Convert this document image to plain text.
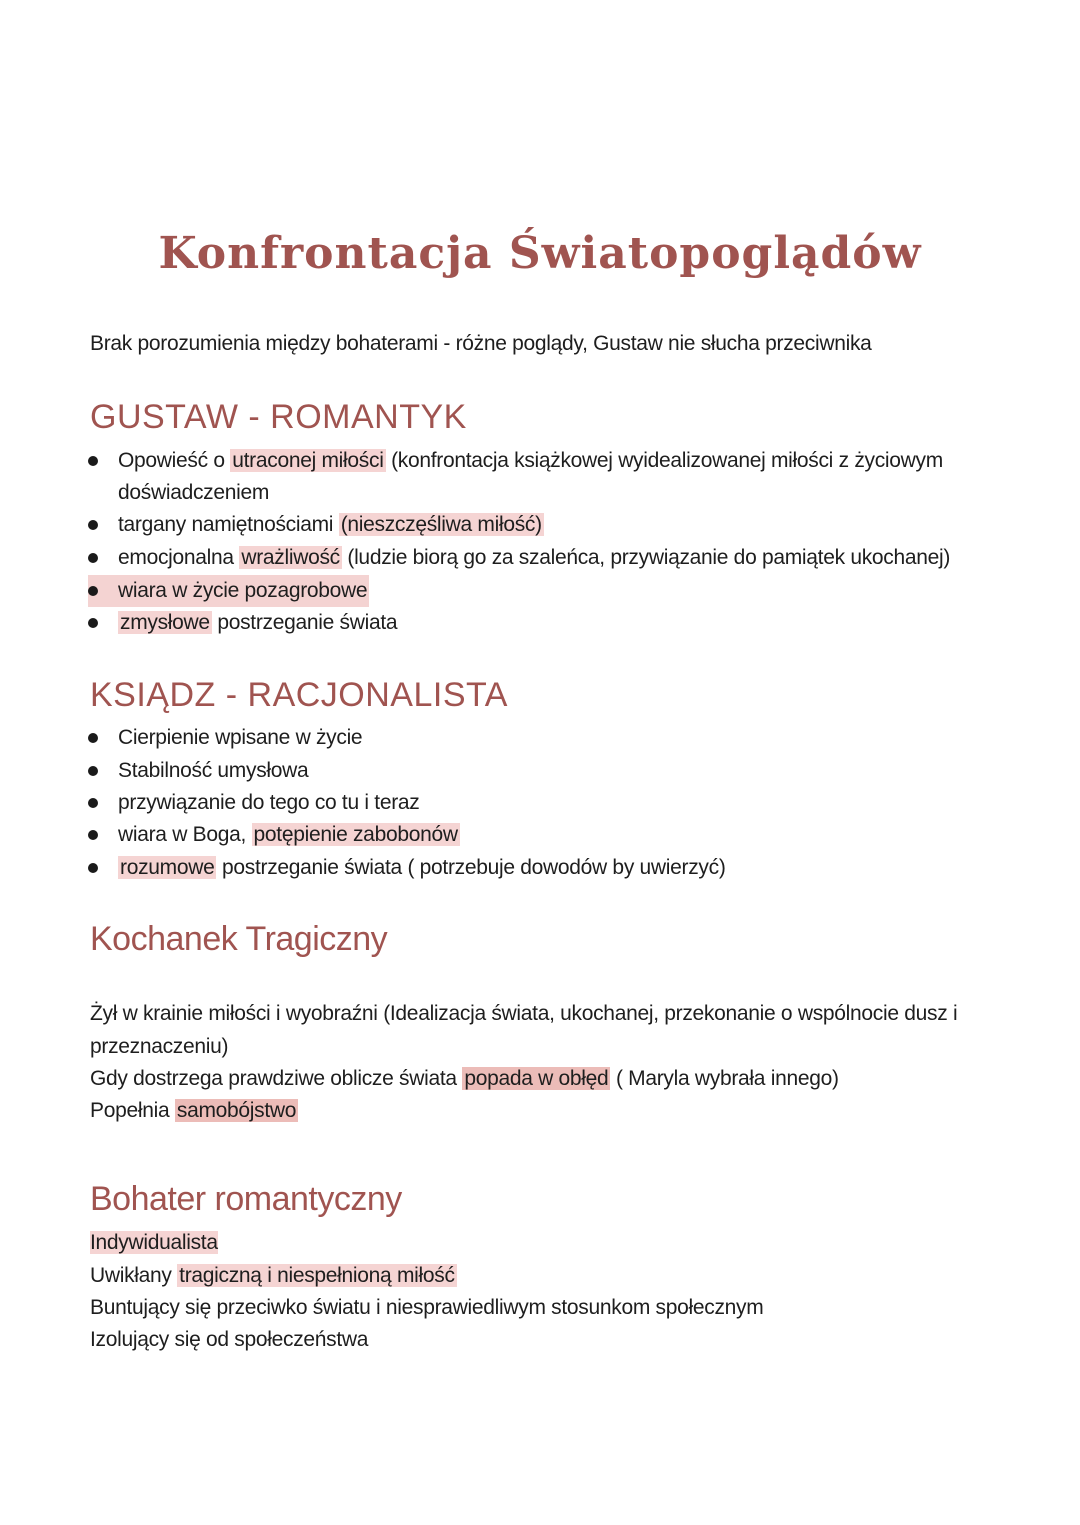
Konfrontacja Światopoglądów

Brak porozumienia między bohaterami - różne poglądy, Gustaw nie słucha przeciwnika

GUSTAW - ROMANTYK
Opowieść o utraconej miłości (konfrontacja książkowej wyidealizowanej miłości z życiowym
doświadczeniem
targany namiętnościami (nieszczęśliwa miłość)
emocjonalna wrażliwość (ludzie biorą go za szaleńca, przywiązanie do pamiątek ukochanej)
wiara w życie pozagrobowe
zmysłowe postrzeganie świata
KSIĄDZ - RACJONALISTA
Cierpienie wpisane w życie
Stabilność umysłowa
przywiązanie do tego co tu i teraz
wiara w Boga, potępienie zabobonów
rozumowe postrzeganie świata ( potrzebuje dowodów by uwierzyć)
Kochanek Tragiczny

Żył w krainie miłości i wyobraźni (Idealizacja świata, ukochanej, przekonanie o wspólnocie dusz i
przeznaczeniu)

Gdy dostrzega prawdziwe oblicze świata popada w obłęd ( Maryla wybrała innego)

Popełnia samobójstwo

Bohater romantyczny

Indywidualista

Uwikłany tragiczną i niespełnioną miłość

Buntujący się przeciwko światu i niesprawiedliwym stosunkom społecznym

Izolujący się od społeczeństwa
